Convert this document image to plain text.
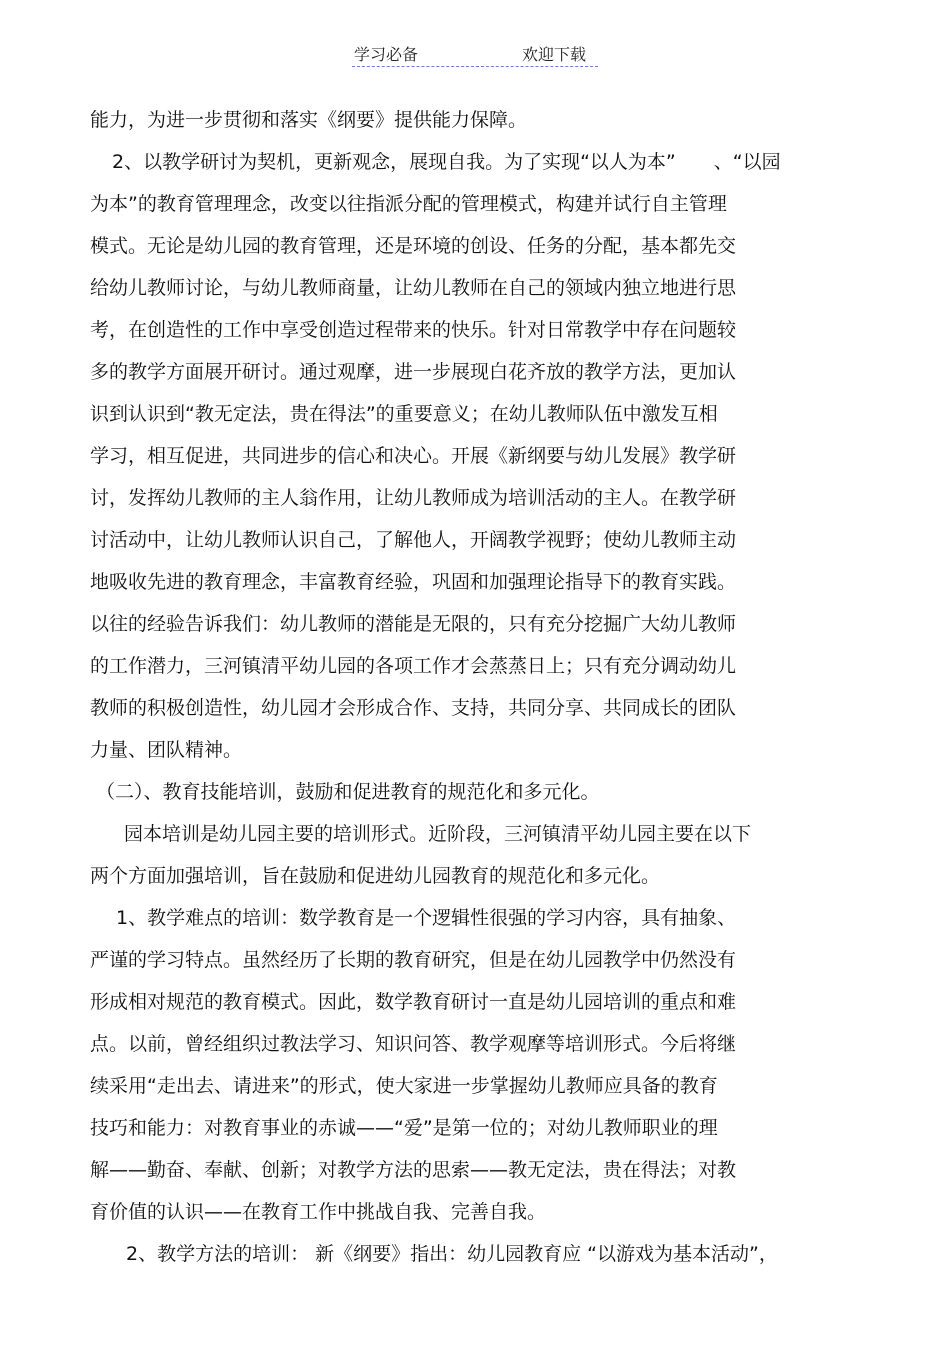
学习必备	欢迎下载
能力，为进一步贯彻和落实《纲要》提供能力保障。
2、以教学研讨为契机，更新观念，展现自我。为了实现“以人为本”　　、“以园
为本”的教育管理理念，改变以往指派分配的管理模式，构建并试行自主管理
模式。无论是幼儿园的教育管理，还是环境的创设、任务的分配，基本都先交
给幼儿教师讨论，与幼儿教师商量，让幼儿教师在自己的领域内独立地进行思
考，在创造性的工作中享受创造过程带来的快乐。针对日常教学中存在问题较
多的教学方面展开研讨。通过观摩，进一步展现白花齐放的教学方法，更加认
识到认识到“教无定法，贵在得法”的重要意义；在幼儿教师队伍中激发互相
学习，相互促进，共同进步的信心和决心。开展《新纲要与幼儿发展》教学研
讨，发挥幼儿教师的主人翁作用，让幼儿教师成为培训活动的主人。在教学研
讨活动中，让幼儿教师认识自己，了解他人，开阔教学视野；使幼儿教师主动
地吸收先进的教育理念，丰富教育经验，巩固和加强理论指导下的教育实践。
以往的经验告诉我们：幼儿教师的潜能是无限的，只有充分挖掘广大幼儿教师
的工作潜力，三河镇清平幼儿园的各项工作才会蒸蒸日上；只有充分调动幼儿
教师的积极创造性，幼儿园才会形成合作、支持，共同分享、共同成长的团队
力量、团队精神。
（二）、教育技能培训，鼓励和促进教育的规范化和多元化。
园本培训是幼儿园主要的培训形式。近阶段，三河镇清平幼儿园主要在以下
两个方面加强培训，旨在鼓励和促进幼儿园教育的规范化和多元化。
1、教学难点的培训：数学教育是一个逻辑性很强的学习内容，具有抽象、
严谨的学习特点。虽然经历了长期的教育研究，但是在幼儿园教学中仍然没有
形成相对规范的教育模式。因此，数学教育研讨一直是幼儿园培训的重点和难
点。以前，曾经组织过教法学习、知识问答、教学观摩等培训形式。今后将继
续采用“走出去、请进来”的形式，使大家进一步掌握幼儿教师应具备的教育
技巧和能力：对教育事业的赤诚——“爱”是第一位的；对幼儿教师职业的理
解——勤奋、奉献、创新；对教学方法的思索——教无定法，贵在得法；对教
育价值的认识——在教育工作中挑战自我、完善自我。
2、教学方法的培训： 新《纲要》指出：幼儿园教育应 “以游戏为基本活动”，
